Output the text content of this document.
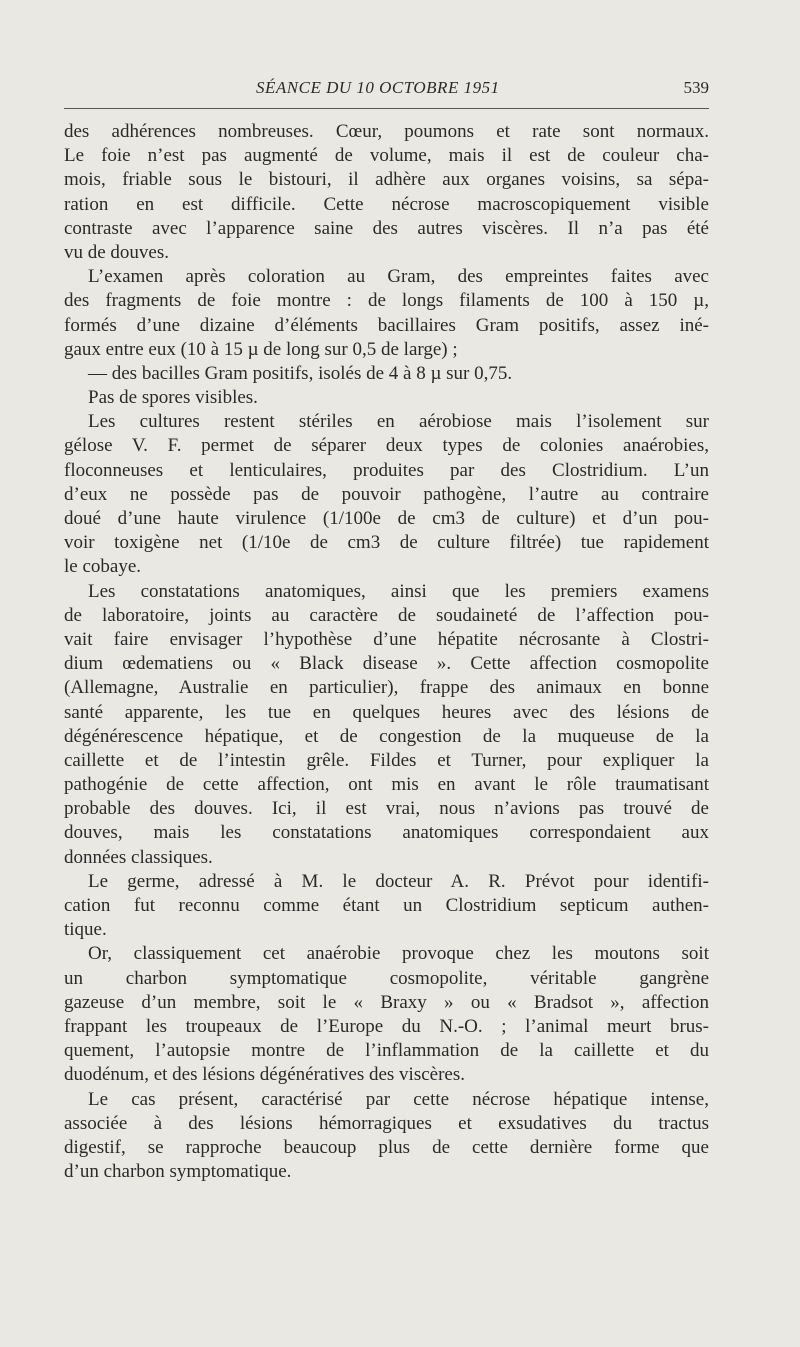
SÉANCE DU 10 OCTOBRE 1951	539
des adhérences nombreuses. Cœur, poumons et rate sont normaux.
Le foie n’est pas augmenté de volume, mais il est de couleur cha-
mois, friable sous le bistouri, il adhère aux organes voisins, sa sépa-
ration en est difficile. Cette nécrose macroscopiquement visible
contraste avec l’apparence saine des autres viscères. Il n’a pas été
vu de douves.
L’examen après coloration au Gram, des empreintes faites avec
des fragments de foie montre : de longs filaments de 100 à 150 µ,
formés d’une dizaine d’éléments bacillaires Gram positifs, assez iné-
gaux entre eux (10 à 15 µ de long sur 0,5 de large) ;
— des bacilles Gram positifs, isolés de 4 à 8 µ sur 0,75.
Pas de spores visibles.
Les cultures restent stériles en aérobiose mais l’isolement sur
gélose V. F. permet de séparer deux types de colonies anaérobies,
floconneuses et lenticulaires, produites par des Clostridium. L’un
d’eux ne possède pas de pouvoir pathogène, l’autre au contraire
doué d’une haute virulence (1/100e de cm3 de culture) et d’un pou-
voir toxigène net (1/10e de cm3 de culture filtrée) tue rapidement
le cobaye.
Les constatations anatomiques, ainsi que les premiers examens
de laboratoire, joints au caractère de soudaineté de l’affection pou-
vait faire envisager l’hypothèse d’une hépatite nécrosante à Clostri-
dium œdematiens ou « Black disease ». Cette affection cosmopolite
(Allemagne, Australie en particulier), frappe des animaux en bonne
santé apparente, les tue en quelques heures avec des lésions de
dégénérescence hépatique, et de congestion de la muqueuse de la
caillette et de l’intestin grêle. Fildes et Turner, pour expliquer la
pathogénie de cette affection, ont mis en avant le rôle traumatisant
probable des douves. Ici, il est vrai, nous n’avions pas trouvé de
douves, mais les constatations anatomiques correspondaient aux
données classiques.
Le germe, adressé à M. le docteur A. R. Prévot pour identifi-
cation fut reconnu comme étant un Clostridium septicum authen-
tique.
Or, classiquement cet anaérobie provoque chez les moutons soit
un charbon symptomatique cosmopolite, véritable gangrène
gazeuse d’un membre, soit le « Braxy » ou « Bradsot », affection
frappant les troupeaux de l’Europe du N.-O. ; l’animal meurt brus-
quement, l’autopsie montre de l’inflammation de la caillette et du
duodénum, et des lésions dégénératives des viscères.
Le cas présent, caractérisé par cette nécrose hépatique intense,
associée à des lésions hémorragiques et exsudatives du tractus
digestif, se rapproche beaucoup plus de cette dernière forme que
d’un charbon symptomatique.
